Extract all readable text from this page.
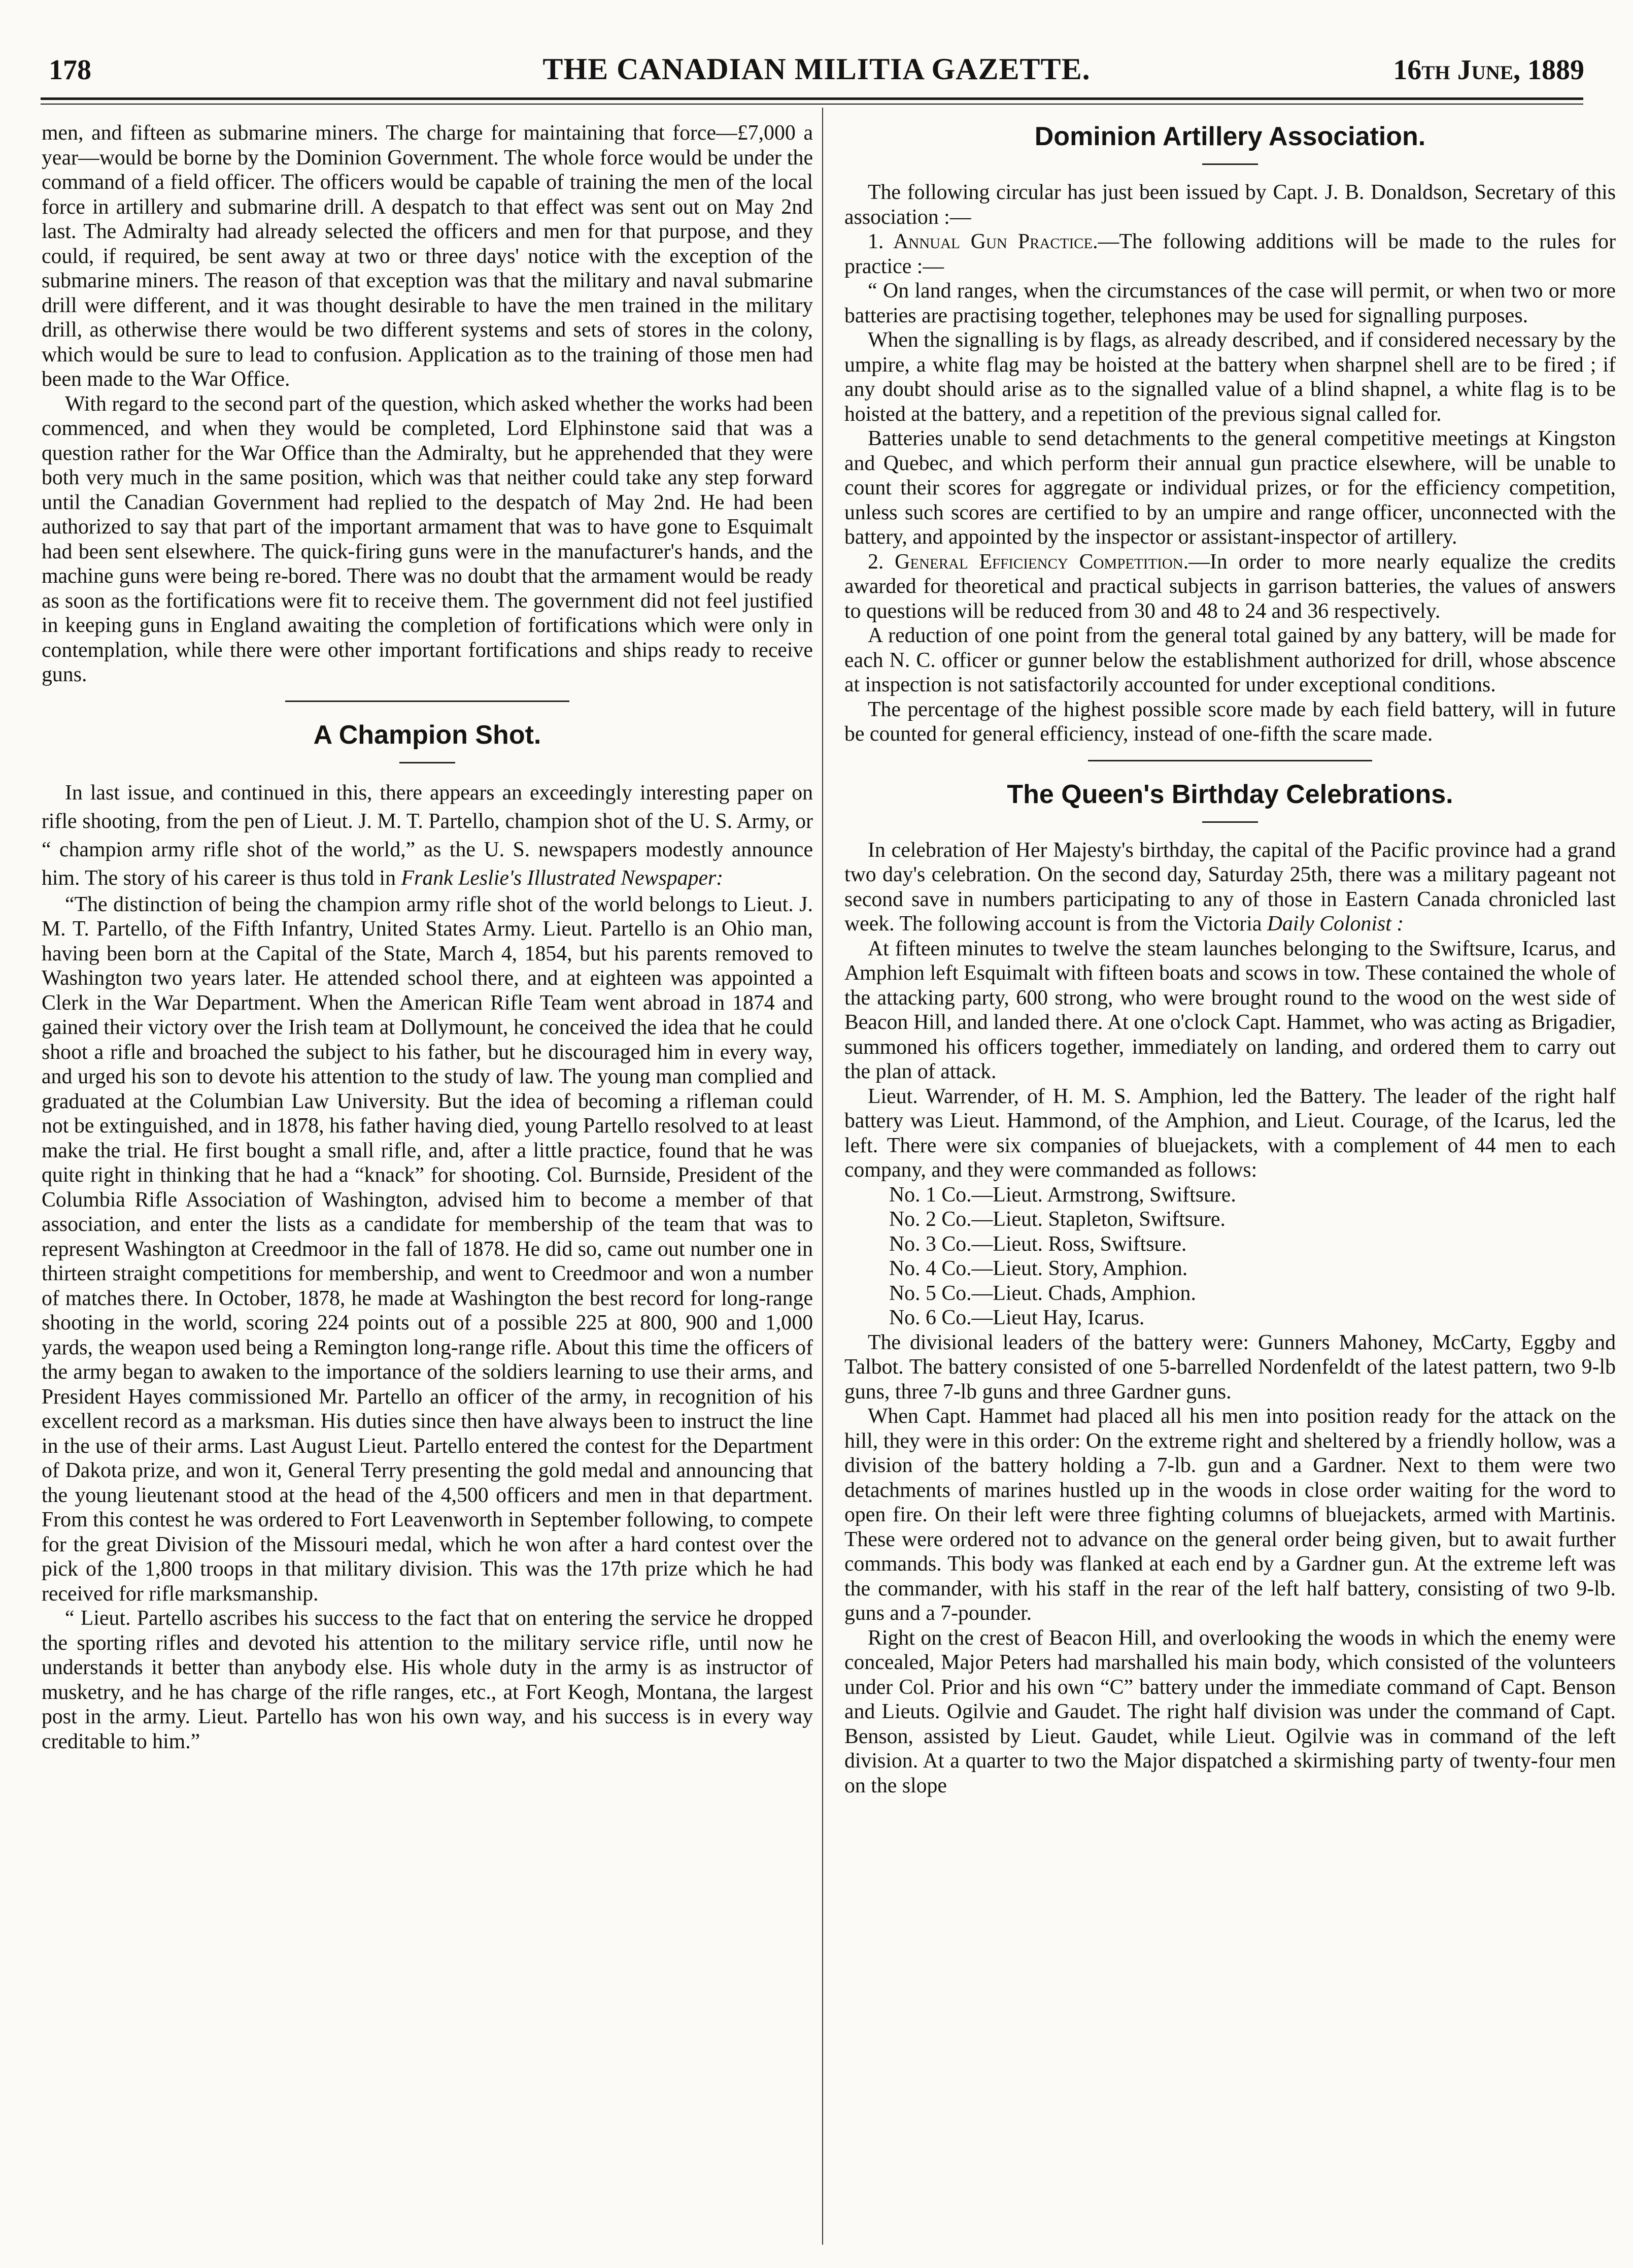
178	THE CANADIAN MILITIA GAZETTE.	16th June, 1889

men, and fifteen as submarine miners. The charge for maintaining that force—£7,000 a year—would be borne by the Dominion Government. The whole force would be under the command of a field officer. The officers would be capable of training the men of the local force in artillery and submarine drill. A despatch to that effect was sent out on May 2nd last. The Admiralty had already selected the officers and men for that purpose, and they could, if required, be sent away at two or three days' notice with the exception of the submarine miners. The reason of that exception was that the military and naval submarine drill were different, and it was thought desirable to have the men trained in the military drill, as otherwise there would be two different systems and sets of stores in the colony, which would be sure to lead to confusion. Application as to the training of those men had been made to the War Office.

With regard to the second part of the question, which asked whether the works had been commenced, and when they would be completed, Lord Elphinstone said that was a question rather for the War Office than the Admiralty, but he apprehended that they were both very much in the same position, which was that neither could take any step forward until the Canadian Government had replied to the despatch of May 2nd. He had been authorized to say that part of the important armament that was to have gone to Esquimalt had been sent elsewhere. The quick-firing guns were in the manufacturer's hands, and the machine guns were being re-bored. There was no doubt that the armament would be ready as soon as the fortifications were fit to receive them. The government did not feel justified in keeping guns in England awaiting the completion of fortifications which were only in contemplation, while there were other important fortifications and ships ready to receive guns.

A Champion Shot.

In last issue, and continued in this, there appears an exceedingly interesting paper on rifle shooting, from the pen of Lieut. J. M. T. Partello, champion shot of the U. S. Army, or “ champion army rifle shot of the world,” as the U. S. newspapers modestly announce him. The story of his career is thus told in Frank Leslie's Illustrated Newspaper:

“The distinction of being the champion army rifle shot of the world belongs to Lieut. J. M. T. Partello, of the Fifth Infantry, United States Army. Lieut. Partello is an Ohio man, having been born at the Capital of the State, March 4, 1854, but his parents removed to Washington two years later. He attended school there, and at eighteen was appointed a Clerk in the War Department. When the American Rifle Team went abroad in 1874 and gained their victory over the Irish team at Dollymount, he conceived the idea that he could shoot a rifle and broached the subject to his father, but he discouraged him in every way, and urged his son to devote his attention to the study of law. The young man complied and graduated at the Columbian Law University. But the idea of becoming a rifleman could not be extinguished, and in 1878, his father having died, young Partello resolved to at least make the trial. He first bought a small rifle, and, after a little practice, found that he was quite right in thinking that he had a “knack” for shooting. Col. Burnside, President of the Columbia Rifle Association of Washington, advised him to become a member of that association, and enter the lists as a candidate for membership of the team that was to represent Washington at Creedmoor in the fall of 1878. He did so, came out number one in thirteen straight competitions for membership, and went to Creedmoor and won a number of matches there. In October, 1878, he made at Washington the best record for long-range shooting in the world, scoring 224 points out of a possible 225 at 800, 900 and 1,000 yards, the weapon used being a Remington long-range rifle. About this time the officers of the army began to awaken to the importance of the soldiers learning to use their arms, and President Hayes commissioned Mr. Partello an officer of the army, in recognition of his excellent record as a marksman. His duties since then have always been to instruct the line in the use of their arms. Last August Lieut. Partello entered the contest for the Department of Dakota prize, and won it, General Terry presenting the gold medal and announcing that the young lieutenant stood at the head of the 4,500 officers and men in that department. From this contest he was ordered to Fort Leavenworth in September following, to compete for the great Division of the Missouri medal, which he won after a hard contest over the pick of the 1,800 troops in that military division. This was the 17th prize which he had received for rifle marksmanship.

“ Lieut. Partello ascribes his success to the fact that on entering the service he dropped the sporting rifles and devoted his attention to the military service rifle, until now he understands it better than anybody else. His whole duty in the army is as instructor of musketry, and he has charge of the rifle ranges, etc., at Fort Keogh, Montana, the largest post in the army. Lieut. Partello has won his own way, and his success is in every way creditable to him.”

Dominion Artillery Association.

The following circular has just been issued by Capt. J. B. Donaldson, Secretary of this association :—

1. Annual Gun Practice.—The following additions will be made to the rules for practice :—

“ On land ranges, when the circumstances of the case will permit, or when two or more batteries are practising together, telephones may be used for signalling purposes.

When the signalling is by flags, as already described, and if considered necessary by the umpire, a white flag may be hoisted at the battery when sharpnel shell are to be fired ; if any doubt should arise as to the signalled value of a blind shapnel, a white flag is to be hoisted at the battery, and a repetition of the previous signal called for.

Batteries unable to send detachments to the general competitive meetings at Kingston and Quebec, and which perform their annual gun practice elsewhere, will be unable to count their scores for aggregate or individual prizes, or for the efficiency competition, unless such scores are certified to by an umpire and range officer, unconnected with the battery, and appointed by the inspector or assistant-inspector of artillery.

2. General Efficiency Competition.—In order to more nearly equalize the credits awarded for theoretical and practical subjects in garrison batteries, the values of answers to questions will be reduced from 30 and 48 to 24 and 36 respectively.

A reduction of one point from the general total gained by any battery, will be made for each N. C. officer or gunner below the establishment authorized for drill, whose abscence at inspection is not satisfactorily accounted for under exceptional conditions.

The percentage of the highest possible score made by each field battery, will in future be counted for general efficiency, instead of one-fifth the scare made.

The Queen's Birthday Celebrations.

In celebration of Her Majesty's birthday, the capital of the Pacific province had a grand two day's celebration. On the second day, Saturday 25th, there was a military pageant not second save in numbers participating to any of those in Eastern Canada chronicled last week. The following account is from the Victoria Daily Colonist :

At fifteen minutes to twelve the steam launches belonging to the Swiftsure, Icarus, and Amphion left Esquimalt with fifteen boats and scows in tow. These contained the whole of the attacking party, 600 strong, who were brought round to the wood on the west side of Beacon Hill, and landed there. At one o'clock Capt. Hammet, who was acting as Brigadier, summoned his officers together, immediately on landing, and ordered them to carry out the plan of attack.

Lieut. Warrender, of H. M. S. Amphion, led the Battery. The leader of the right half battery was Lieut. Hammond, of the Amphion, and Lieut. Courage, of the Icarus, led the left. There were six companies of bluejackets, with a complement of 44 men to each company, and they were commanded as follows:

No. 1 Co.—Lieut. Armstrong, Swiftsure.
No. 2 Co.—Lieut. Stapleton, Swiftsure.
No. 3 Co.—Lieut. Ross, Swiftsure.
No. 4 Co.—Lieut. Story, Amphion.
No. 5 Co.—Lieut. Chads, Amphion.
No. 6 Co.—Lieut Hay, Icarus.

The divisional leaders of the battery were: Gunners Mahoney, McCarty, Eggby and Talbot. The battery consisted of one 5-barrelled Nordenfeldt of the latest pattern, two 9-lb guns, three 7-lb guns and three Gardner guns.

When Capt. Hammet had placed all his men into position ready for the attack on the hill, they were in this order: On the extreme right and sheltered by a friendly hollow, was a division of the battery holding a 7-lb. gun and a Gardner. Next to them were two detachments of marines hustled up in the woods in close order waiting for the word to open fire. On their left were three fighting columns of bluejackets, armed with Martinis. These were ordered not to advance on the general order being given, but to await further commands. This body was flanked at each end by a Gardner gun. At the extreme left was the commander, with his staff in the rear of the left half battery, consisting of two 9-lb. guns and a 7-pounder.

Right on the crest of Beacon Hill, and overlooking the woods in which the enemy were concealed, Major Peters had marshalled his main body, which consisted of the volunteers under Col. Prior and his own “C” battery under the immediate command of Capt. Benson and Lieuts. Ogilvie and Gaudet. The right half division was under the command of Capt. Benson, assisted by Lieut. Gaudet, while Lieut. Ogilvie was in command of the left division. At a quarter to two the Major dispatched a skirmishing party of twenty-four men on the slope
